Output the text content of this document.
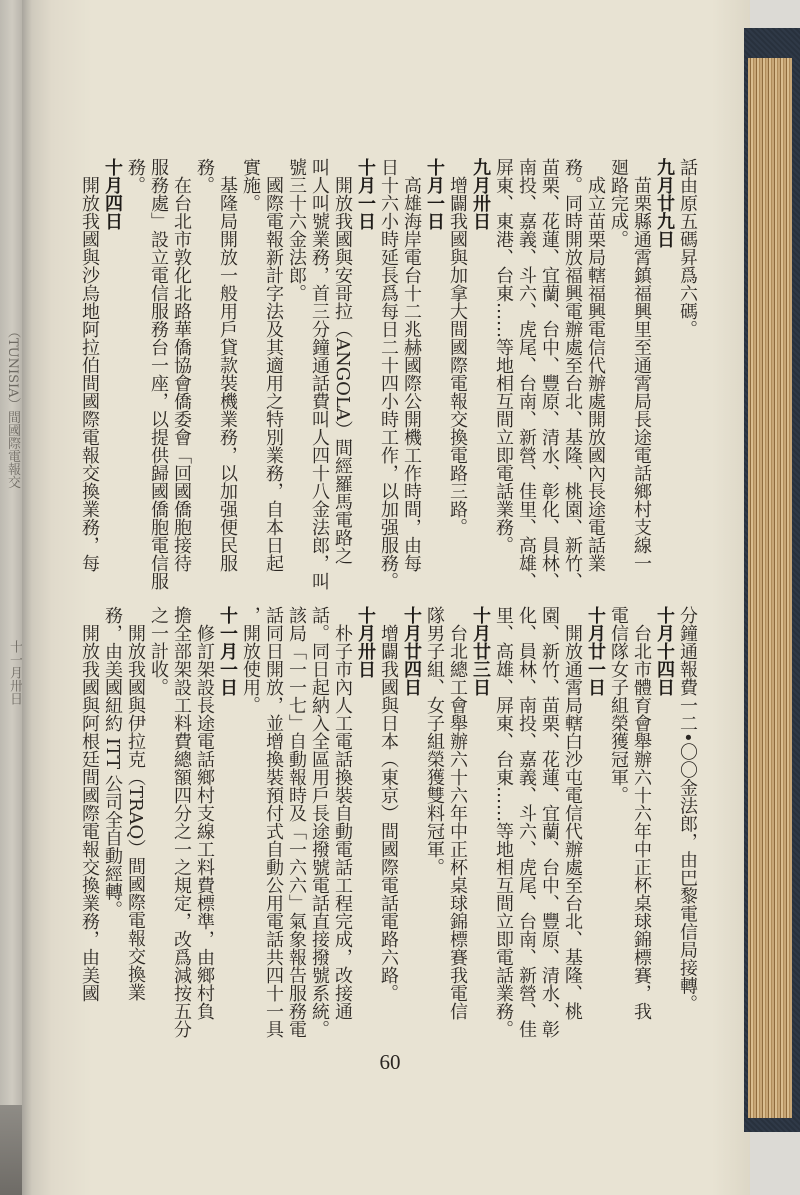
（TUNISIA）間國際電報交
十一月卅日
話由原五碼昇爲六碼。
九月廿九日
苗栗縣通霄鎮福興里至通霄局長途電話鄉村支線一
廻路完成。
成立苗栗局轄福興電信代辦處開放國內長途電話業
務。同時開放福興電辦處至台北、基隆、桃園、新竹、
苗栗、花蓮、宜蘭、台中、豐原、清水、彰化、員林、
南投、嘉義、斗六、虎尾、台南、新營、佳里、高雄、
屏東、東港、台東……等地相互間立即電話業務。
九月卅日
增闢我國與加拿大間國際電報交換電路三路。
十月一日
高雄海岸電台十二兆赫國際公開機工作時間，由每
日十六小時延長爲每日二十四小時工作，以加强服務。
十月一日
開放我國與安哥拉（ANGOLA）間經羅馬電路之
叫人叫號業務，首三分鐘通話費叫人四十八金法郎，叫
號三十六金法郎。
國際電報新計字法及其適用之特別業務，自本日起
實施。
基隆局開放一般用戶貸款裝機業務，以加强便民服
務。
在台北市敦化北路華僑協會僑委會「回國僑胞接待
服務處」設立電信服務台一座，以提供歸國僑胞電信服
務。
十月四日
開放我國與沙烏地阿拉伯間國際電報交換業務，每
分鐘通報費一二•〇〇金法郎，由巴黎電信局接轉。
十月十四日
台北市體育會舉辦六十六年中正杯桌球錦標賽，我
電信隊女子組榮獲冠軍。
十月廿一日
開放通霄局轄白沙屯電信代辦處至台北、基隆、桃
園、新竹、苗栗、花蓮、宜蘭、台中、豐原、清水、彰
化、員林、南投、嘉義、斗六、虎尾、台南、新營、佳
里、高雄、屏東、台東……等地相互間立即電話業務。
十月廿三日
台北總工會舉辦六十六年中正杯桌球錦標賽我電信
隊男子組、女子組榮獲雙料冠軍。
十月廿四日
增闢我國與日本（東京）間國際電話電路六路。
十月卅日
朴子市內人工電話換裝自動電話工程完成，改接通
話。同日起納入全區用戶長途撥號電話直接撥號系統。
該局「一一七」自動報時及「一六六」氣象報告服務電
話同日開放，並增換裝預付式自動公用電話共四十一具
，開放使用。
十一月一日
修訂架設長途電話鄉村支線工料費標準，由鄉村負
擔全部架設工料費總額四分之一之規定，改爲減按五分
之一計收。
開放我國與伊拉克（TRAQ）間國際電報交換業
務，由美國紐約 ITT 公司全自動經轉。
開放我國與阿根廷間國際電報交換業務，由美國
60
